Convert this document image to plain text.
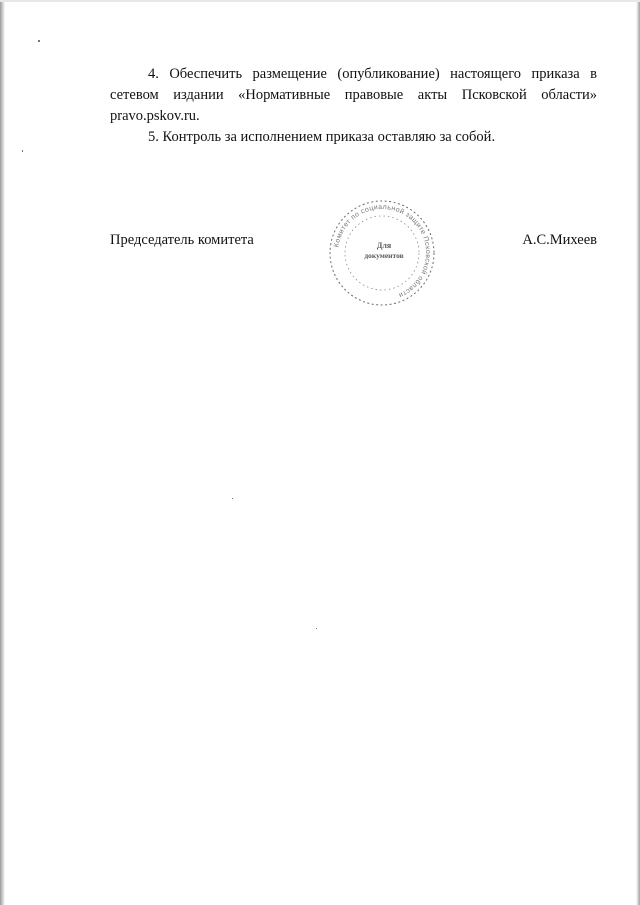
4. Обеспечить размещение (опубликование) настоящего приказа в сетевом издании «Нормативные правовые акты Псковской области» pravo.pskov.ru.

5. Контроль за исполнением приказа оставляю за собой.

Председатель комитета	А.С.Михеев
Комитет по социальной защите Псковской области
Для
документов
